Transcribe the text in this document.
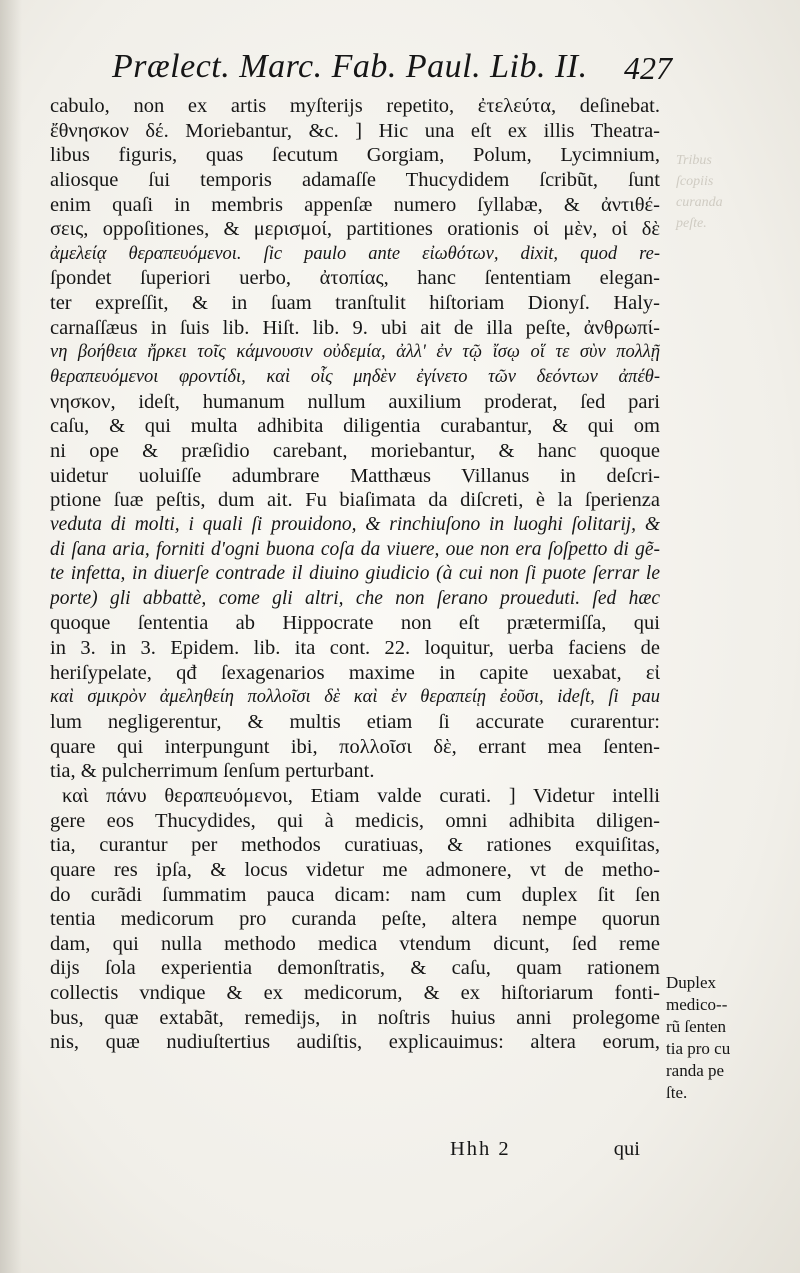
Prælect. Marc. Fab. Paul. Lib. II. 427
Tribus
ſcopiis
curanda
peſte.
cabulo, non ex artis myſterijs repetito, ἐτελεύτα, deſinebat.
ἔθνησκον δέ. Moriebantur, &c. ] Hic una eſt ex illis Theatra-
libus figuris, quas ſecutum Gorgiam, Polum, Lycimnium,
aliosque ſui temporis adamaſſe Thucydidem ſcribũt, ſunt
enim quaſi in membris appenſæ numero ſyllabæ, & ἀντιθέ-
σεις, oppoſitiones, & μερισμοί, partitiones orationis οἱ μὲν, οἱ δὲ
ἀμελείᾳ θεραπευόμενοι. ſic paulo ante εἰωθότων, dixit, quod re-
ſpondet ſuperiori uerbo, ἀτοπίας, hanc ſententiam elegan-
ter expreſſit, & in ſuam tranſtulit hiſtoriam Dionyſ. Haly-
carnaſſæus in ſuis lib. Hiſt. lib. 9. ubi ait de illa peſte, ἀνθρωπί-
νη βοήθεια ἤρκει τοῖς κάμνουσιν οὐδεμία, ἀλλ' ἐν τῷ ἴσῳ οἵ τε σὺν πολλῇ
θεραπευόμενοι φροντίδι, καὶ οἷς μηδὲν ἐγίνετο τῶν δεόντων ἀπέθ-
νησκον, ideſt, humanum nullum auxilium proderat, ſed pari
caſu, & qui multa adhibita diligentia curabantur, & qui om
ni ope & præſidio carebant, moriebantur, & hanc quoque
uidetur uoluiſſe adumbrare Matthæus Villanus in deſcri-
ptione ſuæ peſtis, dum ait. Fu biaſimata da diſcreti, è la ſperienza
veduta di molti, i quali ſi prouidono, & rinchiuſono in luoghi ſolitarij, &
di ſana aria, forniti d'ogni buona coſa da viuere, oue non era ſoſpetto di gẽ-
te infetta, in diuerſe contrade il diuino giudicio (à cui non ſi puote ſerrar le
porte) gli abbattè, come gli altri, che non ſerano proueduti. ſed hæc
quoque ſententia ab Hippocrate non eſt prætermiſſa, qui
in 3. in 3. Epidem. lib. ita cont. 22. loquitur, uerba faciens de
heriſypelate, qđ ſexagenarios maxime in capite uexabat, εἰ
καὶ σμικρὸν ἀμεληθείη πολλοῖσι δὲ καὶ ἐν θεραπείῃ ἐοῦσι, ideſt, ſi pau
lum negligerentur, & multis etiam ſi accurate curarentur:
quare qui interpungunt ibi, πολλοῖσι δὲ, errant mea ſenten-
tia, & pulcherrimum ſenſum perturbant.
καὶ πάνυ θεραπευόμενοι, Etiam valde curati. ] Videtur intelli
gere eos Thucydides, qui à medicis, omni adhibita diligen-
tia, curantur per methodos curatiuas, & rationes exquiſitas,
quare res ipſa, & locus videtur me admonere, vt de metho-
do curãdi ſummatim pauca dicam: nam cum duplex ſit ſen
tentia medicorum pro curanda peſte, altera nempe quorun
dam, qui nulla methodo medica vtendum dicunt, ſed reme
dijs ſola experientia demonſtratis, & caſu, quam rationem
collectis vndique & ex medicorum, & ex hiſtoriarum fonti-
bus, quæ extabãt, remedijs, in noſtris huius anni prolegome
nis, quæ nudiuſtertius audiſtis, explicauimus: altera eorum,
Duplex
medico--
rũ ſenten
tia pro cu
randa pe
ſte.
Hhh 2	qui
